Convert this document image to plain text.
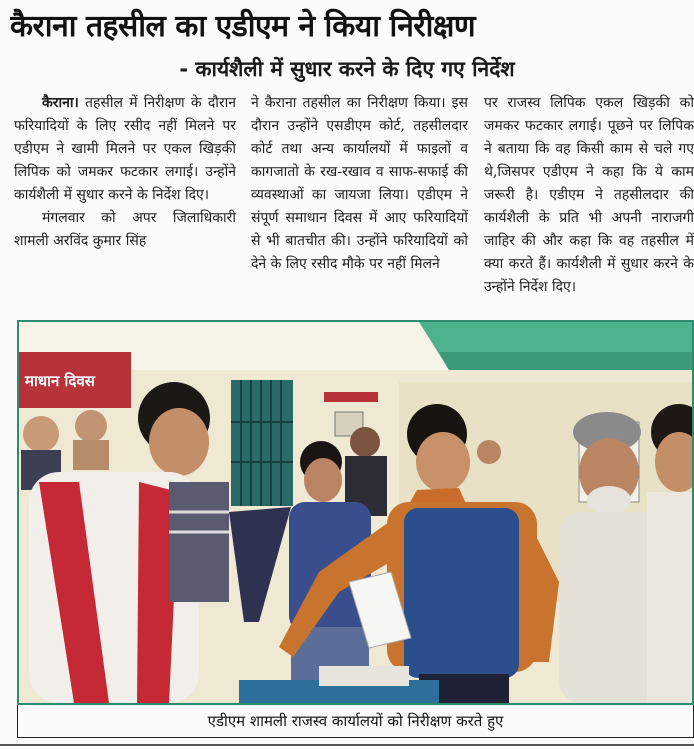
कैराना तहसील का एडीएम ने किया निरीक्षण
- कार्यशैली में सुधार करने के दिए गए निर्देश

कैराना। तहसील में निरीक्षण के दौरान फरियादियों के लिए रसीद नहीं मिलने पर एडीएम ने खामी मिलने पर एकल खिड़की लिपिक को जमकर फटकार लगाई। उन्होंने कार्यशैली में सुधार करने के निर्देश दिए।

मंगलवार को अपर जिलाधिकारी शामली अरविंद कुमार सिंह

ने कैराना तहसील का निरीक्षण किया। इस दौरान उन्होंने एसडीएम कोर्ट, तहसीलदार कोर्ट तथा अन्य कार्यालयों में फाइलों व कागजातो के रख-रखाव व साफ-सफाई की व्यवस्थाओं का जायजा लिया। एडीएम ने संपूर्ण समाधान दिवस में आए फरियादियों से भी बातचीत की। उन्होंने फरियादियों को देने के लिए रसीद मौके पर नहीं मिलने

पर राजस्व लिपिक एकल खिड़की को जमकर फटकार लगाई। पूछने पर लिपिक ने बताया कि वह किसी काम से चले गए थे,जिसपर एडीएम ने कहा कि ये काम जरूरी है। एडीएम ने तहसीलदार की कार्यशैली के प्रति भी अपनी नाराजगी जाहिर की और कहा कि वह तहसील में क्या करते हैं। कार्यशैली में सुधार करने के उन्होंने निर्देश दिए।

माधान दिवस
एडीएम शामली राजस्व कार्यालयों को निरीक्षण करते हुए
